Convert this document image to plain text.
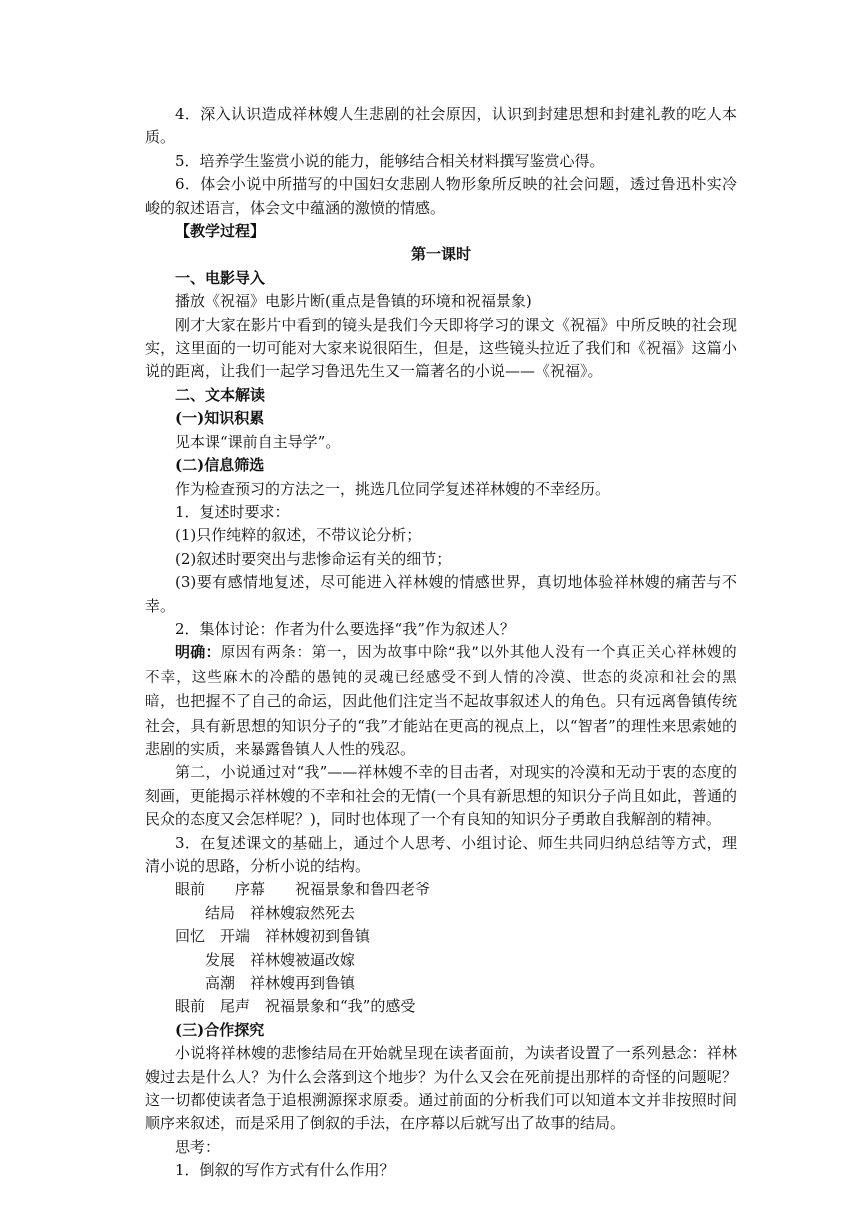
4．深入认识造成祥林嫂人生悲剧的社会原因，认识到封建思想和封建礼教的吃人本质。

5．培养学生鉴赏小说的能力，能够结合相关材料撰写鉴赏心得。

6．体会小说中所描写的中国妇女悲剧人物形象所反映的社会问题，透过鲁迅朴实冷峻的叙述语言，体会文中蕴涵的激愤的情感。

【教学过程】

第一课时

一、电影导入

播放《祝福》电影片断(重点是鲁镇的环境和祝福景象)

刚才大家在影片中看到的镜头是我们今天即将学习的课文《祝福》中所反映的社会现实，这里面的一切可能对大家来说很陌生，但是，这些镜头拉近了我们和《祝福》这篇小说的距离，让我们一起学习鲁迅先生又一篇著名的小说——《祝福》。

二、文本解读

(一)知识积累

见本课“课前自主导学”。

(二)信息筛选

作为检查预习的方法之一，挑选几位同学复述祥林嫂的不幸经历。

1．复述时要求：

(1)只作纯粹的叙述，不带议论分析；

(2)叙述时要突出与悲惨命运有关的细节；

(3)要有感情地复述，尽可能进入祥林嫂的情感世界，真切地体验祥林嫂的痛苦与不幸。

2．集体讨论：作者为什么要选择“我”作为叙述人？

明确：原因有两条：第一，因为故事中除“我”以外其他人没有一个真正关心祥林嫂的不幸，这些麻木的冷酷的愚钝的灵魂已经感受不到人情的冷漠、世态的炎凉和社会的黑暗，也把握不了自己的命运，因此他们注定当不起故事叙述人的角色。只有远离鲁镇传统社会，具有新思想的知识分子的“我”才能站在更高的视点上，以“智者”的理性来思索她的悲剧的实质，来暴露鲁镇人人性的残忍。

第二，小说通过对“我”——祥林嫂不幸的目击者，对现实的冷漠和无动于衷的态度的刻画，更能揭示祥林嫂的不幸和社会的无情(一个具有新思想的知识分子尚且如此，普通的民众的态度又会怎样呢？)，同时也体现了一个有良知的知识分子勇敢自我解剖的精神。

3．在复述课文的基础上，通过个人思考、小组讨论、师生共同归纳总结等方式，理清小说的思路，分析小说的结构。

眼前　　序幕　　祝福景象和鲁四老爷

　结局　祥林嫂寂然死去

回忆　开端　祥林嫂初到鲁镇

　发展　祥林嫂被逼改嫁

　高潮　祥林嫂再到鲁镇

眼前　尾声　祝福景象和“我”的感受

(三)合作探究

小说将祥林嫂的悲惨结局在开始就呈现在读者面前，为读者设置了一系列悬念：祥林嫂过去是什么人？为什么会落到这个地步？为什么又会在死前提出那样的奇怪的问题呢？这一切都使读者急于追根溯源探求原委。通过前面的分析我们可以知道本文并非按照时间顺序来叙述，而是采用了倒叙的手法，在序幕以后就写出了故事的结局。

思考：

1．倒叙的写作方式有什么作用？
